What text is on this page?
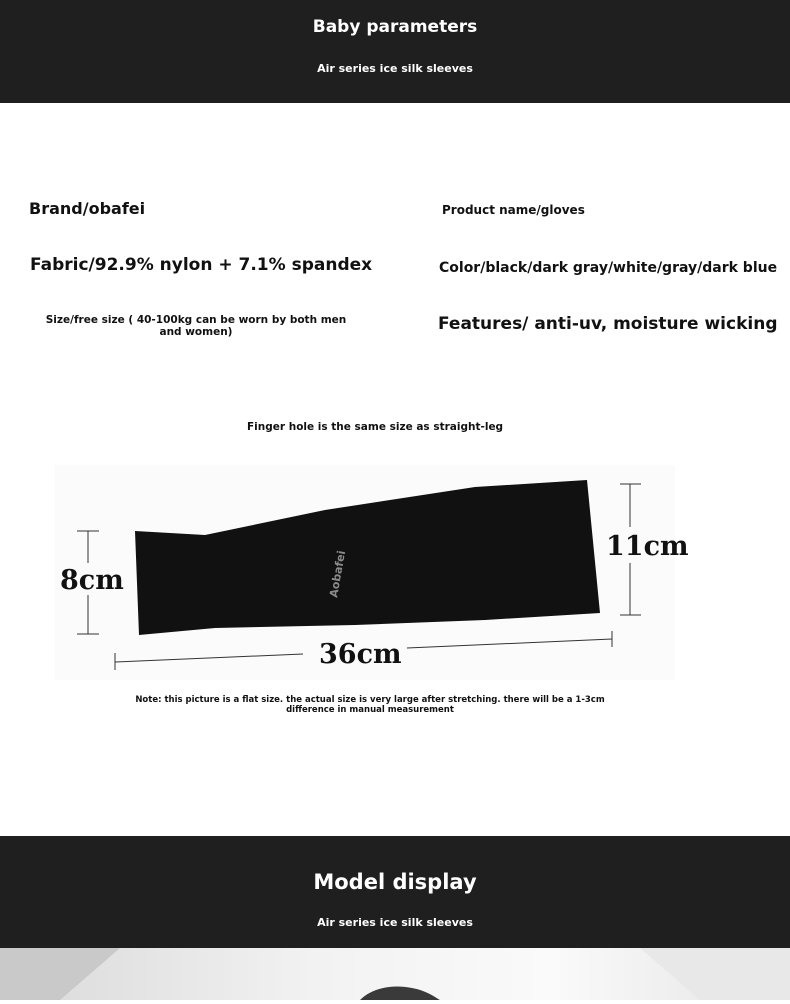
Baby parameters
Air series ice silk sleeves
Brand/obafei	Product name/gloves
Fabric/92.9% nylon + 7.1% spandex	Color/black/dark gray/white/gray/dark blue
Size/free size ( 40-100kg can be worn by both men and women)	Features/ anti-uv, moisture wicking
Finger hole is the same size as straight-leg
Aobafei
8cm
11cm
36cm
Note: this picture is a flat size. the actual size is very large after stretching. there will be a 1-3cm difference in manual measurement
Model display
Air series ice silk sleeves
